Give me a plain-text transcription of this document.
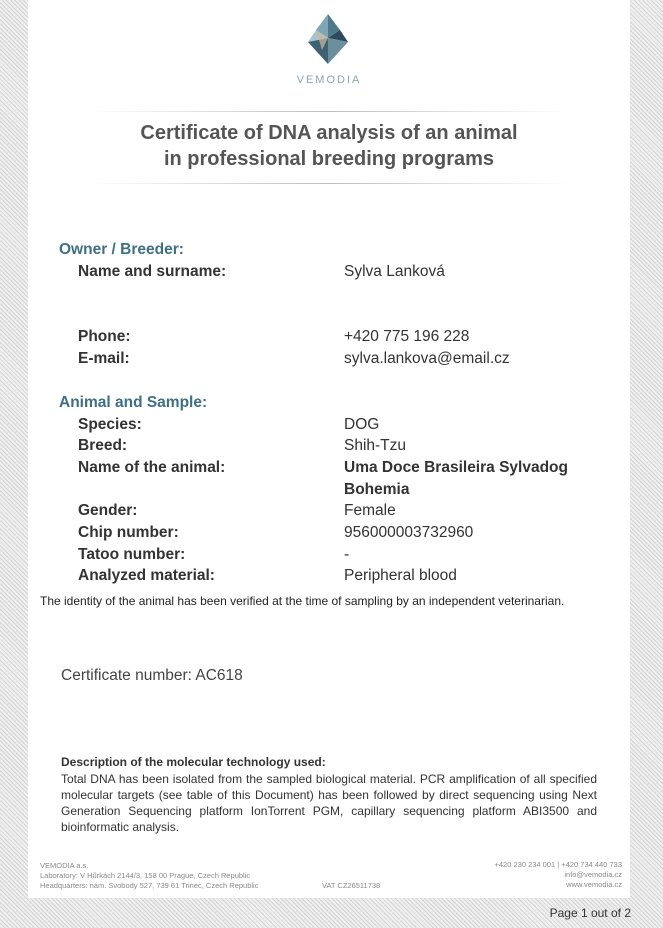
VEMODIA
Certificate of DNA analysis of an animal
in professional breeding programs
Owner / Breeder:
Name and surname:	Sylva Lanková
Phone:	+420 775 196 228
E-mail:	sylva.lankova@email.cz
Animal and Sample:
Species:	DOG
Breed:	Shih-Tzu
Name of the animal:	Uma Doce Brasileira Sylvadog
Bohemia
Gender:	Female
Chip number:	956000003732960
Tatoo number:	-
Analyzed material:	Peripheral blood
The identity of the animal has been verified at the time of sampling by an independent veterinarian.
Certificate number: AC618
Description of the molecular technology used:
Total DNA has been isolated from the sampled biological material. PCR amplification of all specified molecular targets (see table of this Document) has been followed by direct sequencing using Next Generation Sequencing platform IonTorrent PGM, capillary sequencing platform ABI3500 and bioinformatic analysis.
VEMODIA a.s.
Laboratory: V Hůrkách 2144/3, 158 00 Prague, Czech Republic
Headquarters: nám. Svobody 527, 739 61 Trinec, Czech Republic	VAT CZ26511738
+420 230 234 001 | +420 734 440 733
info@vemodia.cz
www.vemodia.cz
Page 1 out of 2
